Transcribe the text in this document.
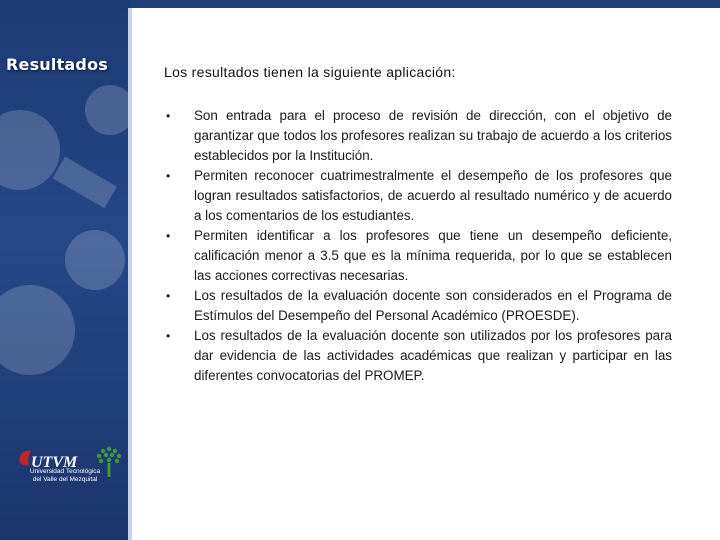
Resultados
UTVM
Universidad Tecnológica
del Valle del Mezquital
Los resultados tienen la siguiente aplicación:
• Son entrada para el proceso de revisión de dirección, con el objetivo de garantizar que todos los profesores realizan su trabajo de acuerdo a los criterios establecidos por la Institución.
• Permiten reconocer cuatrimestralmente el desempeño de los profesores que logran resultados satisfactorios, de acuerdo al resultado numérico y de acuerdo a los comentarios de los estudiantes.
• Permiten identificar a los profesores que tiene un desempeño deficiente, calificación menor a 3.5 que es la mínima requerida, por lo que se establecen las acciones correctivas necesarias.
• Los resultados de la evaluación docente son considerados en el Programa de Estímulos del Desempeño del Personal Académico (PROESDE).
• Los resultados de la evaluación docente son utilizados por los profesores para dar evidencia de las actividades académicas que realizan y participar en las diferentes convocatorias del PROMEP.
